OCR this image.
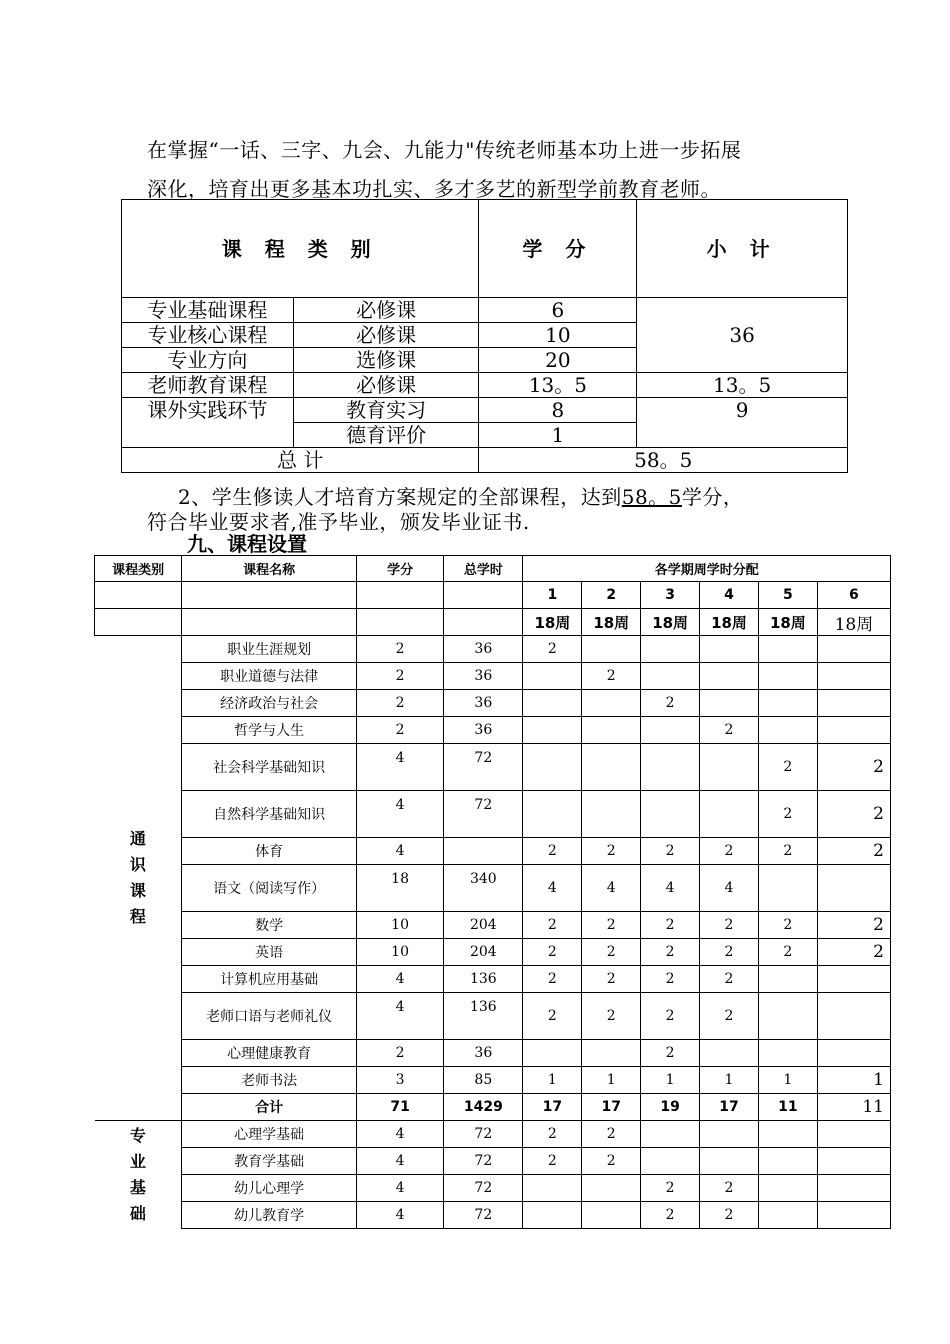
在掌握“一话、三字、九会、九能力"传统老师基本功上进一步拓展
深化，培育出更多基本功扎实、多才多艺的新型学前教育老师。
课 程 类 别		学 分	小 计
专业基础课程	必修课	6	36
专业核心课程	必修课	10	
专业方向	选修课	20	
老师教育课程	必修课	13。5	13。5
课外实践环节	教育实习	8	9
	德育评价	1	
总 计		58。5	
2、学生修读人才培育方案规定的全部课程，达到58。5学分，
符合毕业要求者,准予毕业，颁发毕业证书.
九、课程设置
课程类别	课程名称	学分	总学时	各学期周学时分配					
				1	2	3	4	5	6
				18周	18周	18周	18周	18周	18周

通
识
课
程	职业生涯规划	2	36	2					
	职业道德与法律	2	36		2				
	经济政治与社会	2	36			2			
	哲学与人生	2	36				2		
	社会科学基础知识	4	72					2	2
	自然科学基础知识	4	72					2	2
	体育	4		2	2	2	2	2	2
	语文（阅读写作）	18	340	4	4	4	4		
	数学	10	204	2	2	2	2	2	2
	英语	10	204	2	2	2	2	2	2
	计算机应用基础	4	136	2	2	2	2		
	老师口语与老师礼仪	4	136	2	2	2	2		
	心理健康教育	2	36			2			
	老师书法	3	85	1	1	1	1	1	1
	合计	71	1429	17	17	19	17	11	11

专
业
基
础	心理学基础	4	72	2	2				
	教育学基础	4	72	2	2				
	幼儿心理学	4	72			2	2		
	幼儿教育学	4	72			2	2		
